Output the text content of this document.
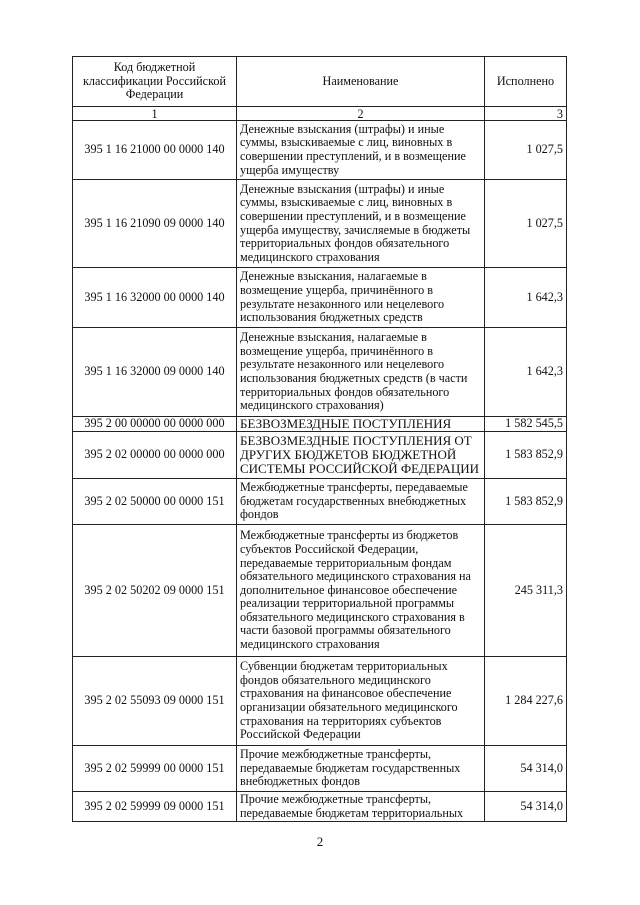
Код бюджетной классификации Российской Федерации	Наименование	Исполнено
1	2	3
395 1 16 21000 00 0000 140	Денежные взыскания (штрафы) и иные суммы, взыскиваемые с лиц, виновных в совершении преступлений, и в возмещение ущерба имуществу	1 027,5
395 1 16 21090 09 0000 140	Денежные взыскания (штрафы) и иные суммы, взыскиваемые с лиц, виновных в совершении преступлений, и в возмещение ущерба имуществу, зачисляемые в бюджеты территориальных фондов обязательного медицинского страхования	1 027,5
395 1 16 32000 00 0000 140	Денежные взыскания, налагаемые в возмещение ущерба, причинённого в результате незаконного или нецелевого использования бюджетных средств	1 642,3
395 1 16 32000 09 0000 140	Денежные взыскания, налагаемые в возмещение ущерба, причинённого в результате незаконного или нецелевого использования бюджетных средств (в части территориальных фондов обязательного медицинского страхования)	1 642,3
395 2 00 00000 00 0000 000	БЕЗВОЗМЕЗДНЫЕ ПОСТУПЛЕНИЯ	1 582 545,5
395 2 02 00000 00 0000 000	БЕЗВОЗМЕЗДНЫЕ ПОСТУПЛЕНИЯ ОТ ДРУГИХ БЮДЖЕТОВ БЮДЖЕТНОЙ СИСТЕМЫ РОССИЙСКОЙ ФЕДЕРАЦИИ	1 583 852,9
395 2 02 50000 00 0000 151	Межбюджетные трансферты, передаваемые бюджетам государственных внебюджетных фондов	1 583 852,9
395 2 02 50202 09 0000 151	Межбюджетные трансферты из бюджетов субъектов Российской Федерации, передаваемые территориальным фондам обязательного медицинского страхования на дополнительное финансовое обеспечение реализации территориальной программы обязательного медицинского страхования в части базовой программы обязательного медицинского страхования	245 311,3
395 2 02 55093 09 0000 151	Субвенции бюджетам территориальных фондов обязательного медицинского страхования на финансовое обеспечение организации обязательного медицинского страхования на территориях субъектов Российской Федерации	1 284 227,6
395 2 02 59999 00 0000 151	Прочие межбюджетные трансферты, передаваемые бюджетам государственных внебюджетных фондов	54 314,0
395 2 02 59999 09 0000 151	Прочие межбюджетные трансферты, передаваемые бюджетам территориальных	54 314,0
2
